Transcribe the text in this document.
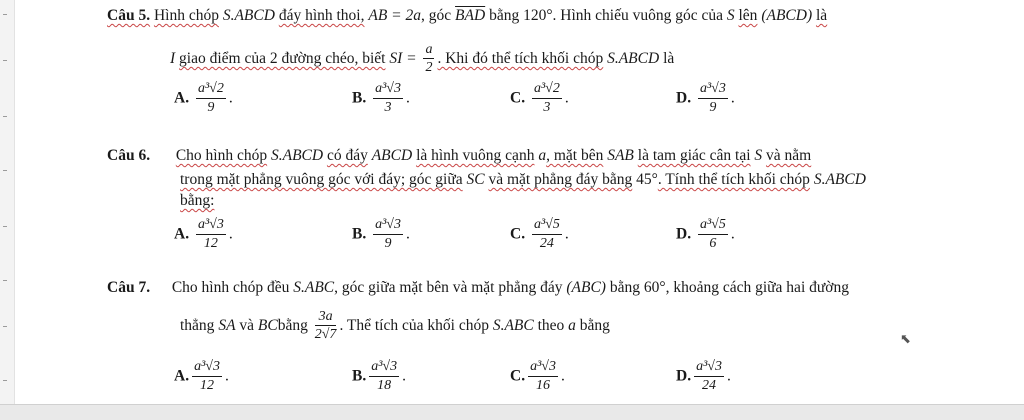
Câu 5. Hình chóp S.ABCD đáy hình thoi, AB = 2a, góc $\overline{BAD}$ bằng 120°. Hình chiếu vuông góc của S lên (ABCD) là
I giao điểm của 2 đường chéo, biết SI = $\frac{a}{2}$ . Khi đó thể tích khối chóp S.ABCD là
A. $\frac{\text{a³√2}}{9}$ .	B. $\frac{\text{a³√3}}{3}$ .	C. $\frac{\text{a³√2}}{3}$ .	D. $\frac{\text{a³√3}}{9}$ .
Câu 6. Cho hình chóp S.ABCD có đáy ABCD là hình vuông cạnh a, mặt bên SAB là tam giác cân tại S và nằm
trong mặt phẳng vuông góc với đáy; góc giữa SC và mặt phẳng đáy bằng 45°. Tính thể tích khối chóp S.ABCD
bằng:
A. $\frac{\text{a³√3}}{12}$ .	B. $\frac{\text{a³√3}}{9}$ .	C. $\frac{\text{a³√5}}{24}$ .	D. $\frac{\text{a³√5}}{6}$ .
Câu 7. Cho hình chóp đều S.ABC, góc giữa mặt bên và mặt phẳng đáy (ABC) bằng 60°, khoảng cách giữa hai đường
thẳng SA và BCbằng $\frac{3a}{2√7}$ . Thể tích của khối chóp S.ABC theo a bằng
A. $\frac{\text{a³√3}}{12}$ .	B. $\frac{\text{a³√3}}{18}$ .	C. $\frac{\text{a³√3}}{16}$ .	D. $\frac{\text{a³√3}}{24}$ .
⬉
